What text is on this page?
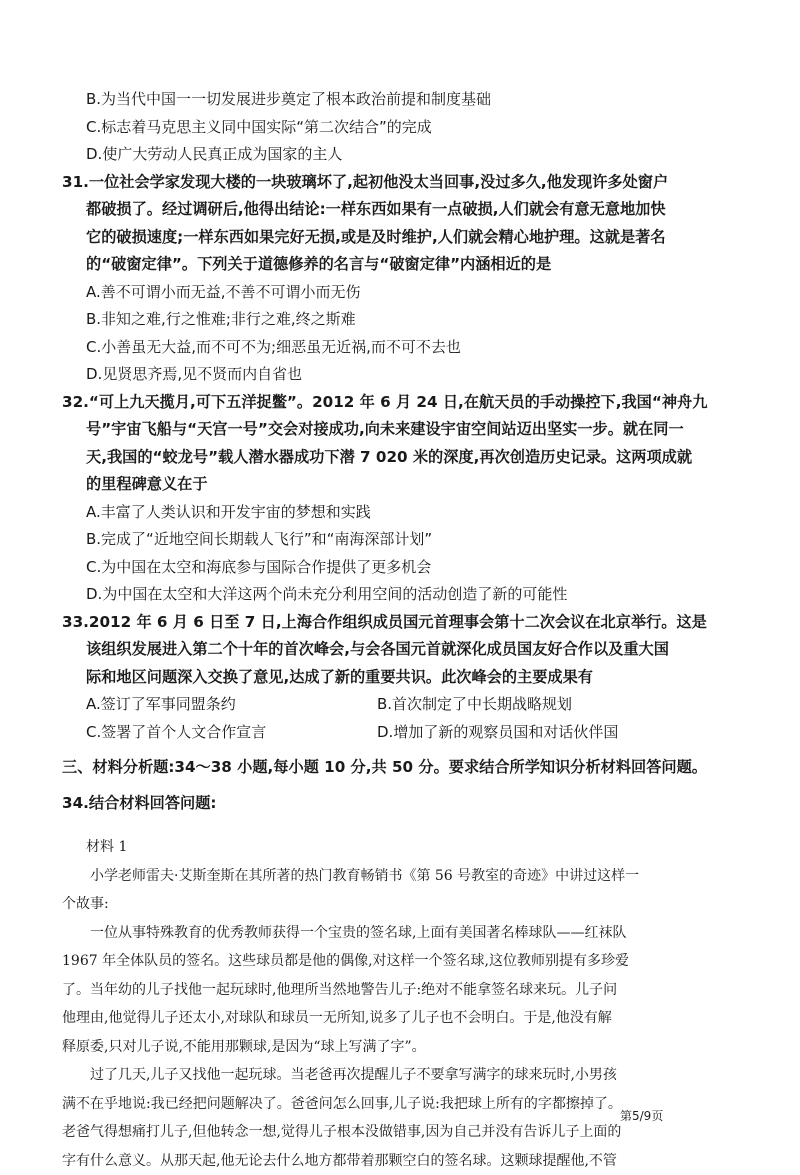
B.为当代中国一一切发展进步奠定了根本政治前提和制度基础
C.标志着马克思主义同中国实际“第二次结合”的完成
D.使广大劳动人民真正成为国家的主人
31.一位社会学家发现大楼的一块玻璃坏了,起初他没太当回事,没过多久,他发现许多处窗户
都破损了。经过调研后,他得出结论:一样东西如果有一点破损,人们就会有意无意地加快
它的破损速度;一样东西如果完好无损,或是及时维护,人们就会精心地护理。这就是著名
的“破窗定律”。下列关于道德修养的名言与“破窗定律”内涵相近的是
A.善不可谓小而无益,不善不可谓小而无伤
B.非知之难,行之惟难;非行之难,终之斯难
C.小善虽无大益,而不可不为;细恶虽无近祸,而不可不去也
D.见贤思齐焉,见不贤而内自省也
32.“可上九天揽月,可下五洋捉鳖”。2012 年 6 月 24 日,在航天员的手动操控下,我国“神舟九
号”宇宙飞船与“天宫一号”交会对接成功,向未来建设宇宙空间站迈出坚实一步。就在同一
天,我国的“蛟龙号”载人潜水器成功下潜 7 020 米的深度,再次创造历史记录。这两项成就
的里程碑意义在于
A.丰富了人类认识和开发宇宙的梦想和实践
B.完成了“近地空间长期载人飞行”和“南海深部计划”
C.为中国在太空和海底参与国际合作提供了更多机会
D.为中国在太空和大洋这两个尚未充分利用空间的活动创造了新的可能性
33.2012 年 6 月 6 日至 7 日,上海合作组织成员国元首理事会第十二次会议在北京举行。这是
该组织发展进入第二个十年的首次峰会,与会各国元首就深化成员国友好合作以及重大国
际和地区问题深入交换了意见,达成了新的重要共识。此次峰会的主要成果有
A.签订了军事同盟条约	B.首次制定了中长期战略规划
C.签署了首个人文合作宣言	D.增加了新的观察员国和对话伙伴国
三、材料分析题:34～38 小题,每小题 10 分,共 50 分。要求结合所学知识分析材料回答问题。
34.结合材料回答问题:
材料 1
小学老师雷夫·艾斯奎斯在其所著的热门教育畅销书《第 56 号教室的奇迹》中讲过这样一
个故事:
一位从事特殊教育的优秀教师获得一个宝贵的签名球,上面有美国著名棒球队——红袜队
1967 年全体队员的签名。这些球员都是他的偶像,对这样一个签名球,这位教师别提有多珍爱
了。当年幼的儿子找他一起玩球时,他理所当然地警告儿子:绝对不能拿签名球来玩。儿子问
他理由,他觉得儿子还太小,对球队和球员一无所知,说多了儿子也不会明白。于是,他没有解
释原委,只对儿子说,不能用那颗球,是因为“球上写满了字”。
过了几天,儿子又找他一起玩球。当老爸再次提醒儿子不要拿写满字的球来玩时,小男孩
满不在乎地说:我已经把问题解决了。爸爸问怎么回事,儿子说:我把球上所有的字都擦掉了。
老爸气得想痛打儿子,但他转念一想,觉得儿子根本没做错事,因为自己并没有告诉儿子上面的
字有什么意义。从那天起,他无论去什么地方都带着那颗空白的签名球。这颗球提醒他,不管
第5/9页
